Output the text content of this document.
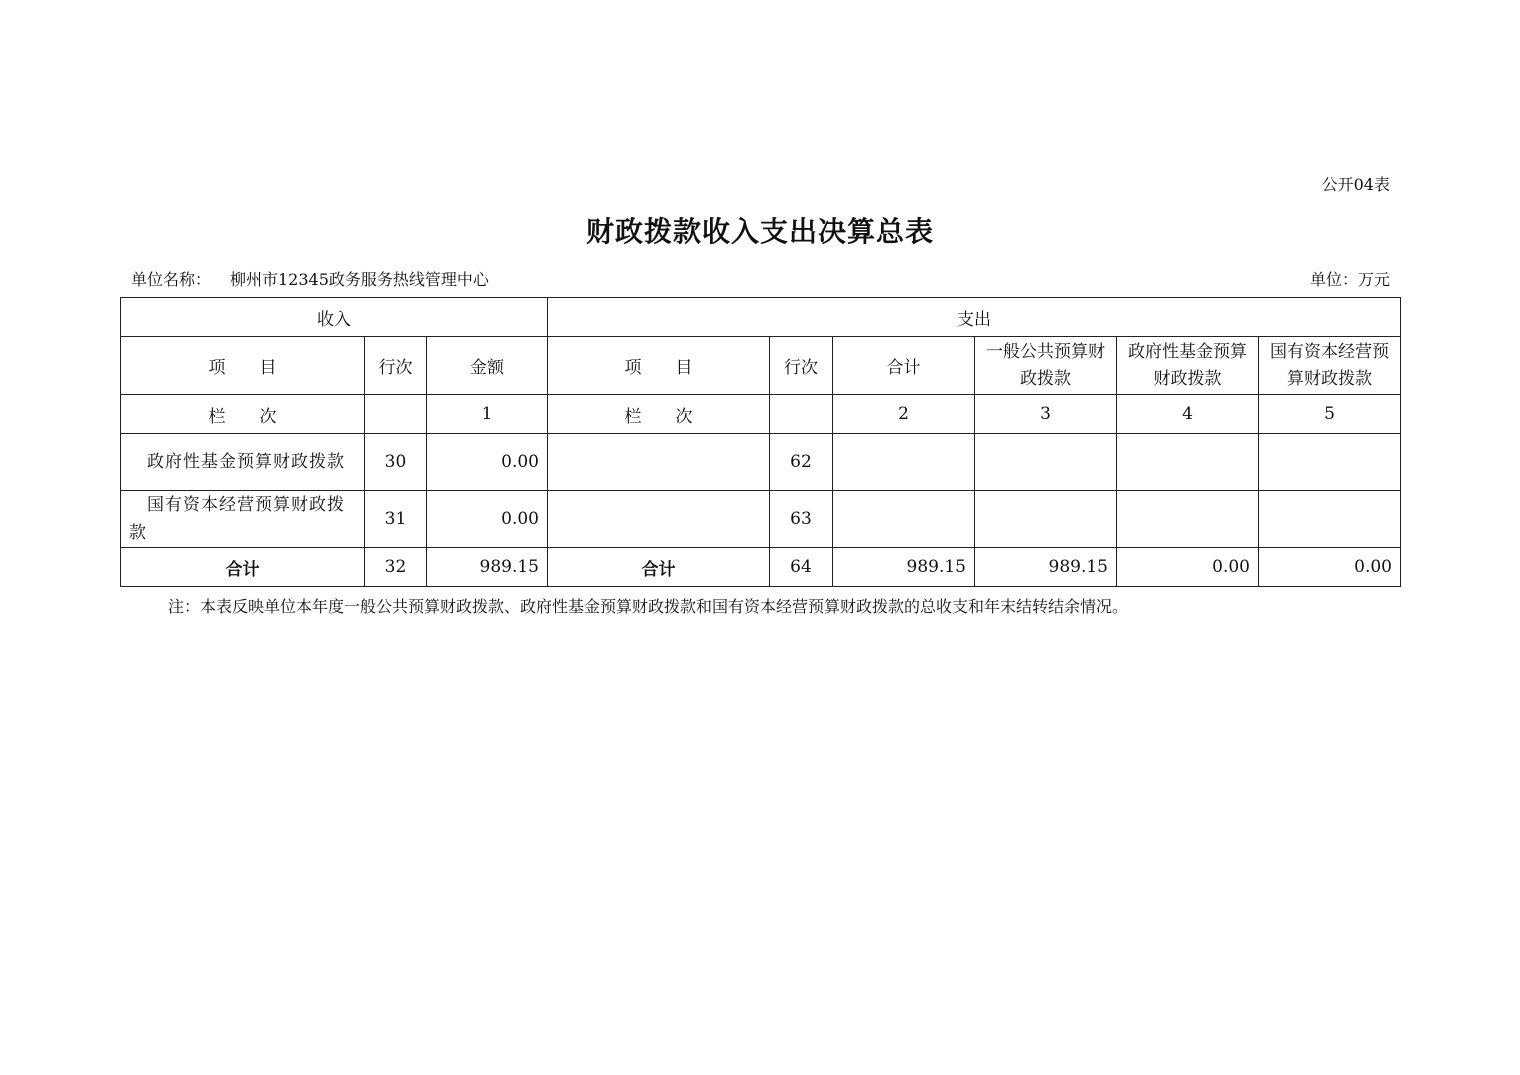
公开04表
财政拨款收入支出决算总表
单位名称： 柳州市12345政务服务热线管理中心	单位：万元
收入			支出					
项　　目	行次	金额	项　　目	行次	合计	一般公共预算财政拨款	政府性基金预算财政拨款	国有资本经营预算财政拨款
栏　　次		1	栏　　次		2	3	4	5
　政府性基金预算财政拨款	30	0.00		62				
　国有资本经营预算财政拨款	31	0.00		63				
合计	32	989.15	合计	64	989.15	989.15	0.00	0.00
注：本表反映单位本年度一般公共预算财政拨款、政府性基金预算财政拨款和国有资本经营预算财政拨款的总收支和年末结转结余情况。
